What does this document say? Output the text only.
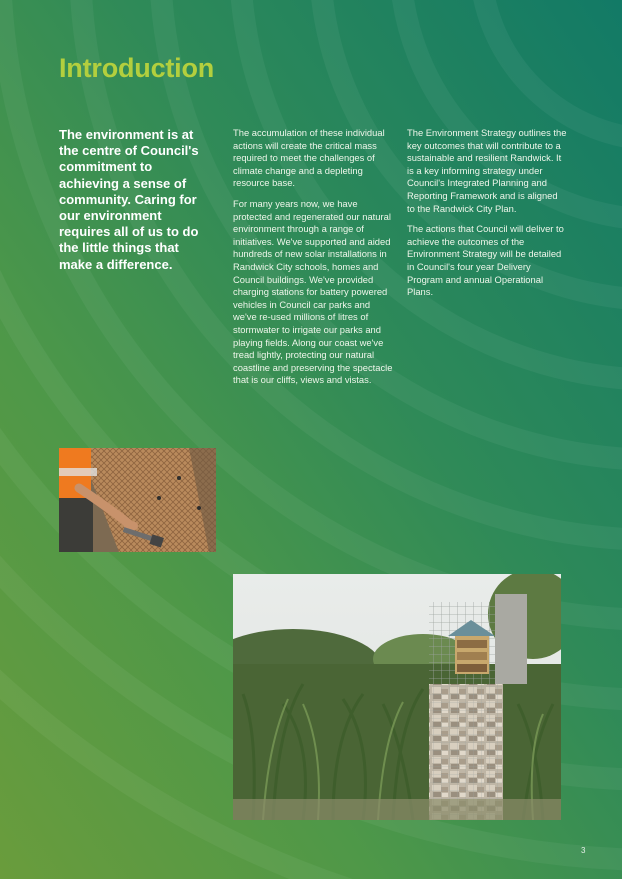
Introduction

The environment is at the centre of Council's commitment to achieving a sense of community. Caring for our environment requires all of us to do the little things that make a difference.

The accumulation of these individual actions will create the critical mass required to meet the challenges of climate change and a depleting resource base.

For many years now, we have protected and regenerated our natural environment through a range of initiatives. We've supported and aided hundreds of new solar installations in Randwick City schools, homes and Council buildings. We've provided charging stations for battery powered vehicles in Council car parks and we've re-used millions of litres of stormwater to irrigate our parks and playing fields. Along our coast we've tread lightly, protecting our natural coastline and preserving the spectacle that is our cliffs, views and vistas.

The Environment Strategy outlines the key outcomes that will contribute to a sustainable and resilient Randwick. It is a key informing strategy under Council's Integrated Planning and Reporting Framework and is aligned to the Randwick City Plan.

The actions that Council will deliver to achieve the outcomes of the Environment Strategy will be detailed in Council's four year Delivery Program and annual Operational Plans.

3
